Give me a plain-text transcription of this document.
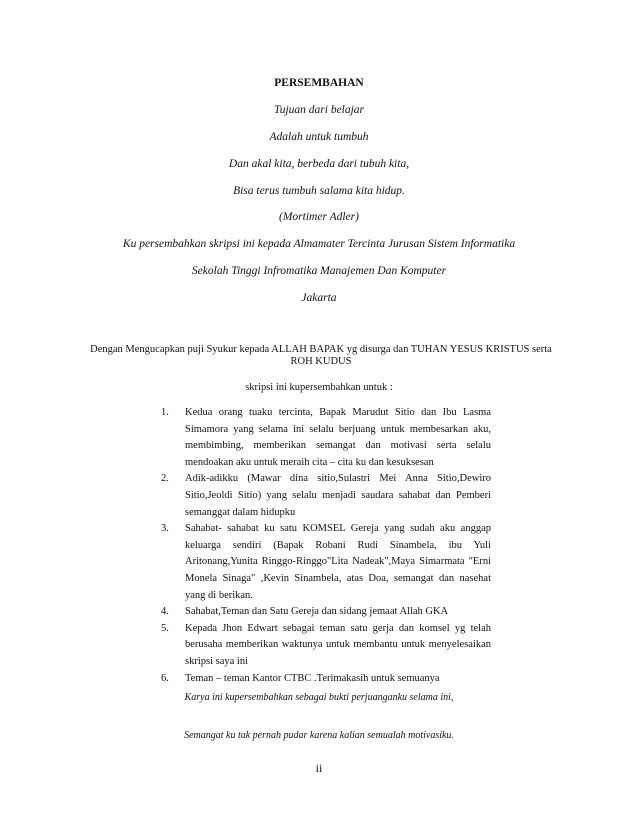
PERSEMBAHAN
Tujuan dari belajar
Adalah untuk tumbuh
Dan akal kita, berbeda dari tubuh kita,
Bisa terus tumbuh salama kita hidup.
(Mortimer Adler)
Ku persembahkan skripsi ini kepada Almamater Tercinta Jurusan Sistem Informatika
Sekolah Tinggi Infromatika Manajemen Dan Komputer
Jakarta
Dengan Mengucapkan puji Syukur kepada ALLAH BAPAK yg disurga dan TUHAN YESUS KRISTUS serta ROH KUDUS
skripsi ini kupersembahkan untuk :
1. Kedua orang tuaku tercinta, Bapak Marudut Sitio dan Ibu Lasma Simamora yang selama ini selalu berjuang untuk membesarkan aku, membimbing, memberikan semangat dan motivasi serta selalu mendoakan aku untuk meraih cita – cita ku dan kesuksesan
2. Adik-adikku (Mawar dina sitio,Sulastri Mei Anna Sitio,Dewiro Sitio,Jeoldi Sitio) yang selalu menjadi saudara sahabat dan Pemberi semanggat dalam hidupku
3. Sahabat- sahabat ku satu KOMSEL Gereja yang sudah aku anggap keluarga sendiri (Bapak Robani Rudi Sinambela, ibu Yuli Aritonang,Yunita Ringgo-Ringgo"Lita Nadeak",Maya Simarmata "Erni Monela Sinaga" ,Kevin Sinambela, atas Doa, semangat dan nasehat yang di berikan.
4. Sahabat,Teman dan Satu Gereja dan sidang jemaat Allah GKA
5. Kepada Jhon Edwart sebagai teman satu gerja dan komsel yg telah berusaha memberikan waktunya untuk membantu untuk menyelesaikan skripsi saya ini
6. Teman – teman Kantor CTBC .Terimakasih untuk semuanya
Karya ini kupersembahkan sebagai bukti perjuanganku selama ini,
Semangat ku tak pernah pudar karena kalian semualah motivasiku.
ii
